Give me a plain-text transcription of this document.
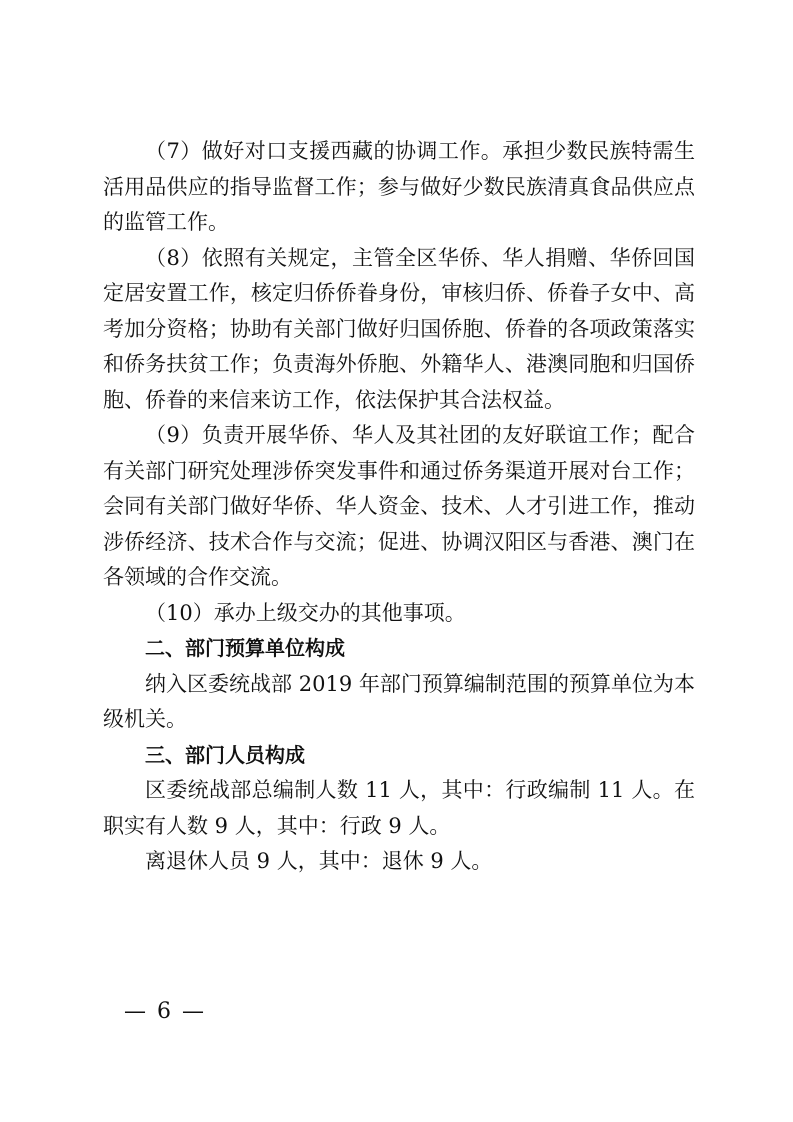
（7）做好对口支援西藏的协调工作。承担少数民族特需生活用品供应的指导监督工作；参与做好少数民族清真食品供应点的监管工作。

（8）依照有关规定，主管全区华侨、华人捐赠、华侨回国定居安置工作，核定归侨侨眷身份，审核归侨、侨眷子女中、高考加分资格；协助有关部门做好归国侨胞、侨眷的各项政策落实和侨务扶贫工作；负责海外侨胞、外籍华人、港澳同胞和归国侨胞、侨眷的来信来访工作，依法保护其合法权益。

（9）负责开展华侨、华人及其社团的友好联谊工作；配合有关部门研究处理涉侨突发事件和通过侨务渠道开展对台工作；会同有关部门做好华侨、华人资金、技术、人才引进工作，推动涉侨经济、技术合作与交流；促进、协调汉阳区与香港、澳门在各领域的合作交流。

（10）承办上级交办的其他事项。

二、部门预算单位构成

纳入区委统战部 2019 年部门预算编制范围的预算单位为本级机关。

三、部门人员构成

区委统战部总编制人数 11 人，其中：行政编制 11 人。在职实有人数 9 人，其中：行政 9 人。

离退休人员 9 人，其中：退休 9 人。

— 6 —
